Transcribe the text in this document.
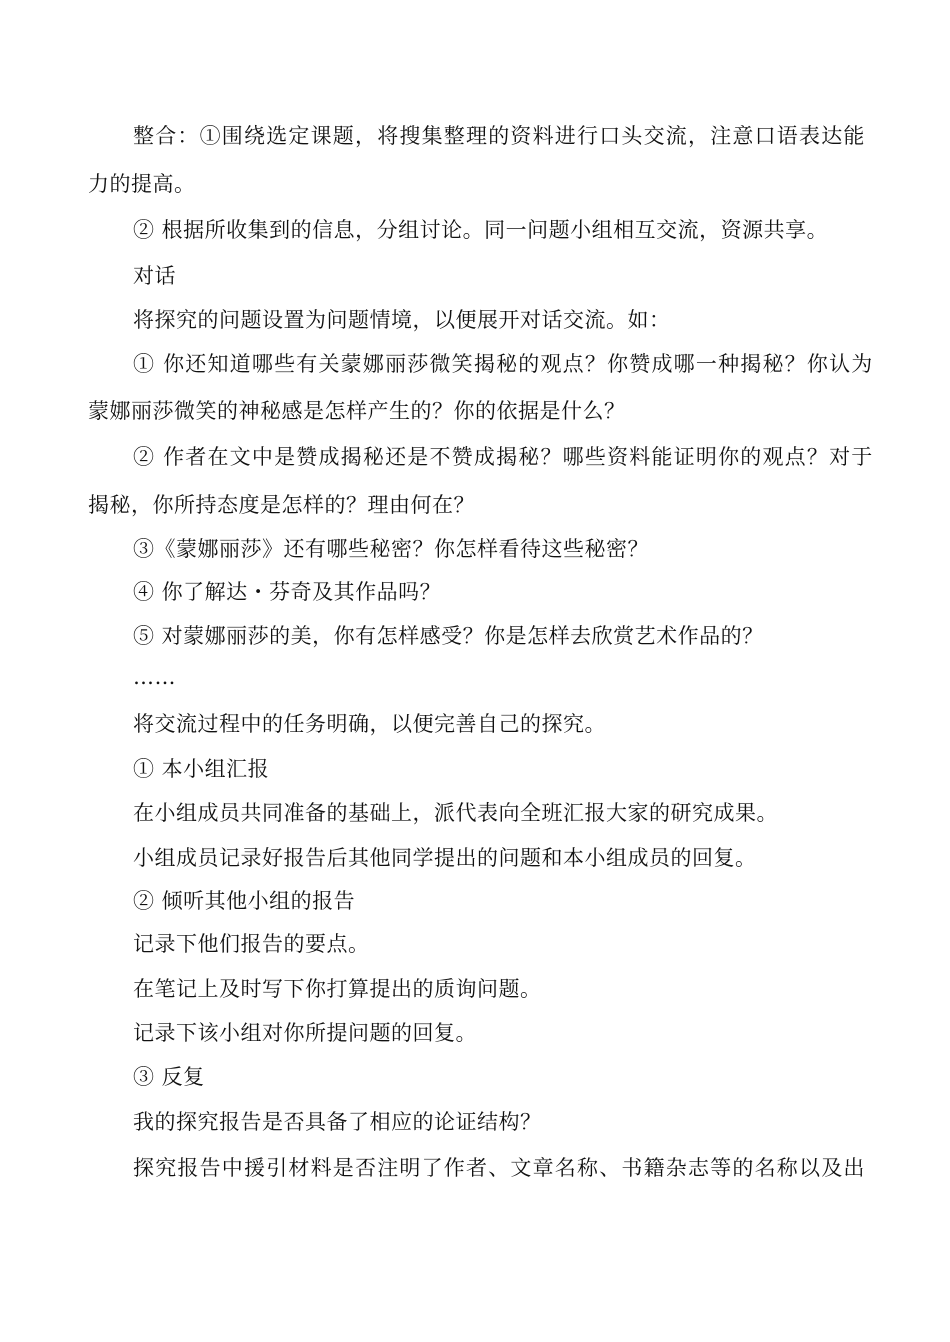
整合：①围绕选定课题，将搜集整理的资料进行口头交流，注意口语表达能
力的提高。
② 根据所收集到的信息，分组讨论。同一问题小组相互交流，资源共享。
对话
将探究的问题设置为问题情境，以便展开对话交流。如：
① 你还知道哪些有关蒙娜丽莎微笑揭秘的观点？你赞成哪一种揭秘？你认为
蒙娜丽莎微笑的神秘感是怎样产生的？你的依据是什么？
② 作者在文中是赞成揭秘还是不赞成揭秘？哪些资料能证明你的观点？对于
揭秘，你所持态度是怎样的？理由何在？
③《蒙娜丽莎》还有哪些秘密？你怎样看待这些秘密？
④ 你了解达・芬奇及其作品吗？
⑤ 对蒙娜丽莎的美，你有怎样感受？你是怎样去欣赏艺术作品的？
……
将交流过程中的任务明确，以便完善自己的探究。
① 本小组汇报
在小组成员共同准备的基础上，派代表向全班汇报大家的研究成果。
小组成员记录好报告后其他同学提出的问题和本小组成员的回复。
② 倾听其他小组的报告
记录下他们报告的要点。
在笔记上及时写下你打算提出的质询问题。
记录下该小组对你所提问题的回复。
③ 反复
我的探究报告是否具备了相应的论证结构？
探究报告中援引材料是否注明了作者、文章名称、书籍杂志等的名称以及出
